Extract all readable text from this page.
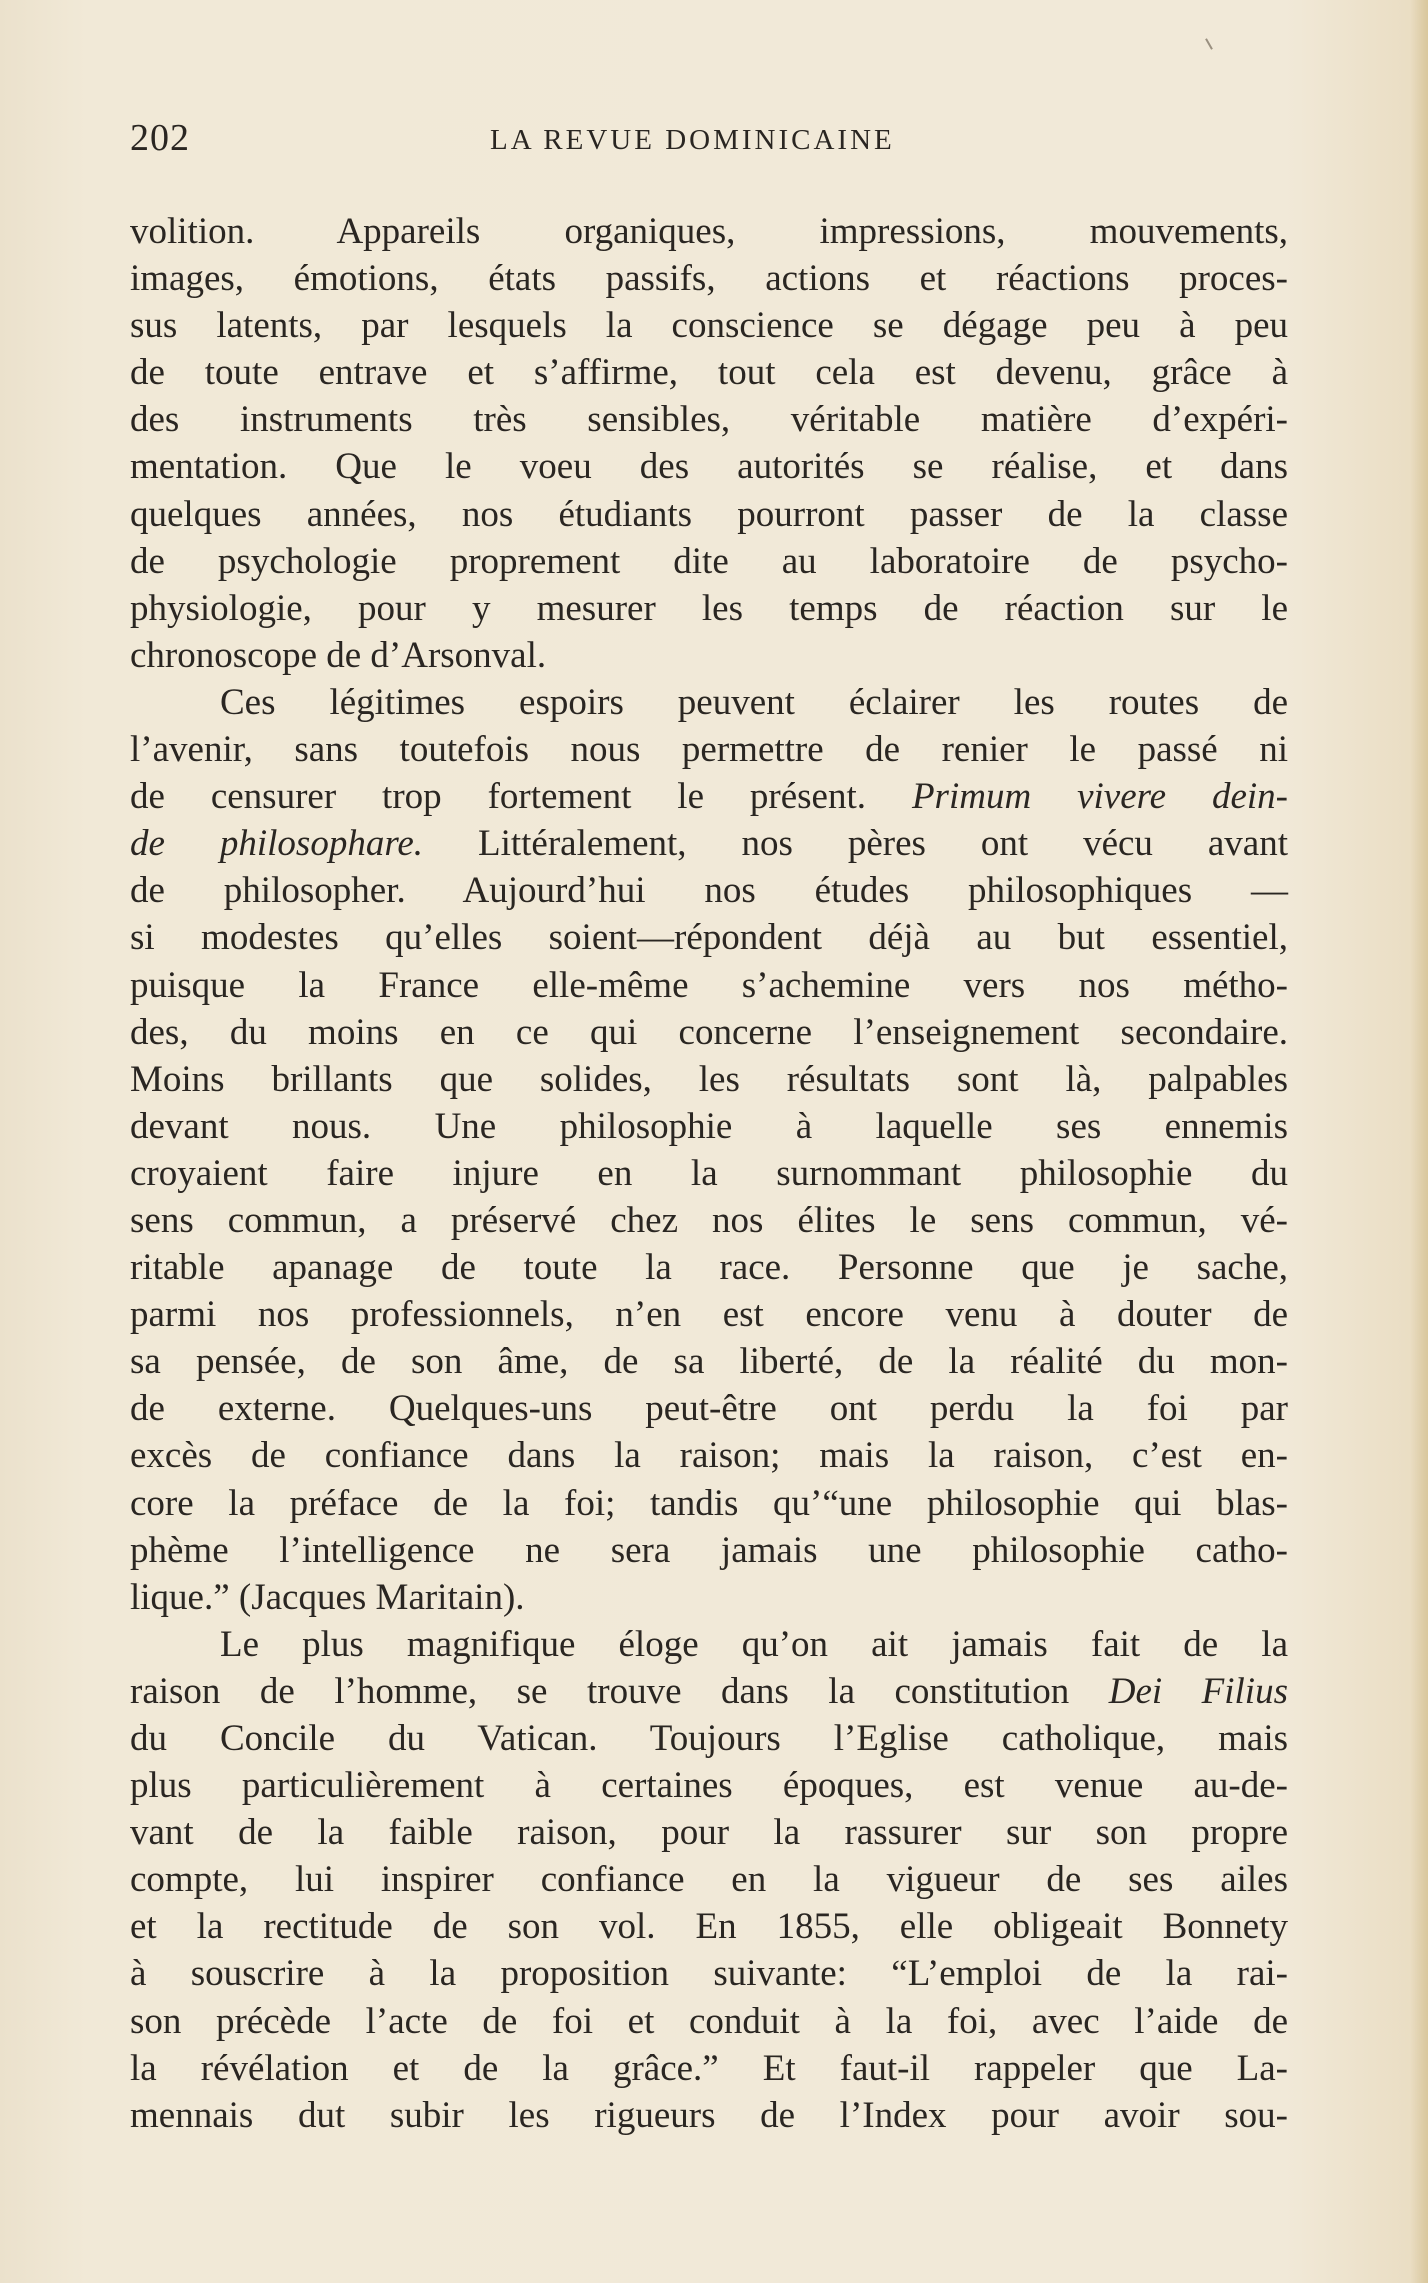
202	LA REVUE DOMINICAINE
volition. Appareils organiques, impressions, mouvements,
images, émotions, états passifs, actions et réactions proces-
sus latents, par lesquels la conscience se dégage peu à peu
de toute entrave et s’affirme, tout cela est devenu, grâce à
des instruments très sensibles, véritable matière d’expéri-
mentation. Que le voeu des autorités se réalise, et dans
quelques années, nos étudiants pourront passer de la classe
de psychologie proprement dite au laboratoire de psycho-
physiologie, pour y mesurer les temps de réaction sur le
chronoscope de d’Arsonval.
Ces légitimes espoirs peuvent éclairer les routes de
l’avenir, sans toutefois nous permettre de renier le passé ni
de censurer trop fortement le présent. Primum vivere dein-
de philosophare. Littéralement, nos pères ont vécu avant
de philosopher. Aujourd’hui nos études philosophiques —
si modestes qu’elles soient—répondent déjà au but essentiel,
puisque la France elle-même s’achemine vers nos métho-
des, du moins en ce qui concerne l’enseignement secondaire.
Moins brillants que solides, les résultats sont là, palpables
devant nous. Une philosophie à laquelle ses ennemis
croyaient faire injure en la surnommant philosophie du
sens commun, a préservé chez nos élites le sens commun, vé-
ritable apanage de toute la race. Personne que je sache,
parmi nos professionnels, n’en est encore venu à douter de
sa pensée, de son âme, de sa liberté, de la réalité du mon-
de externe. Quelques-uns peut-être ont perdu la foi par
excès de confiance dans la raison; mais la raison, c’est en-
core la préface de la foi; tandis qu’“une philosophie qui blas-
phème l’intelligence ne sera jamais une philosophie catho-
lique.” (Jacques Maritain).
Le plus magnifique éloge qu’on ait jamais fait de la
raison de l’homme, se trouve dans la constitution Dei Filius
du Concile du Vatican. Toujours l’Eglise catholique, mais
plus particulièrement à certaines époques, est venue au-de-
vant de la faible raison, pour la rassurer sur son propre
compte, lui inspirer confiance en la vigueur de ses ailes
et la rectitude de son vol. En 1855, elle obligeait Bonnety
à souscrire à la proposition suivante: “L’emploi de la rai-
son précède l’acte de foi et conduit à la foi, avec l’aide de
la révélation et de la grâce.” Et faut-il rappeler que La-
mennais dut subir les rigueurs de l’Index pour avoir sou-
